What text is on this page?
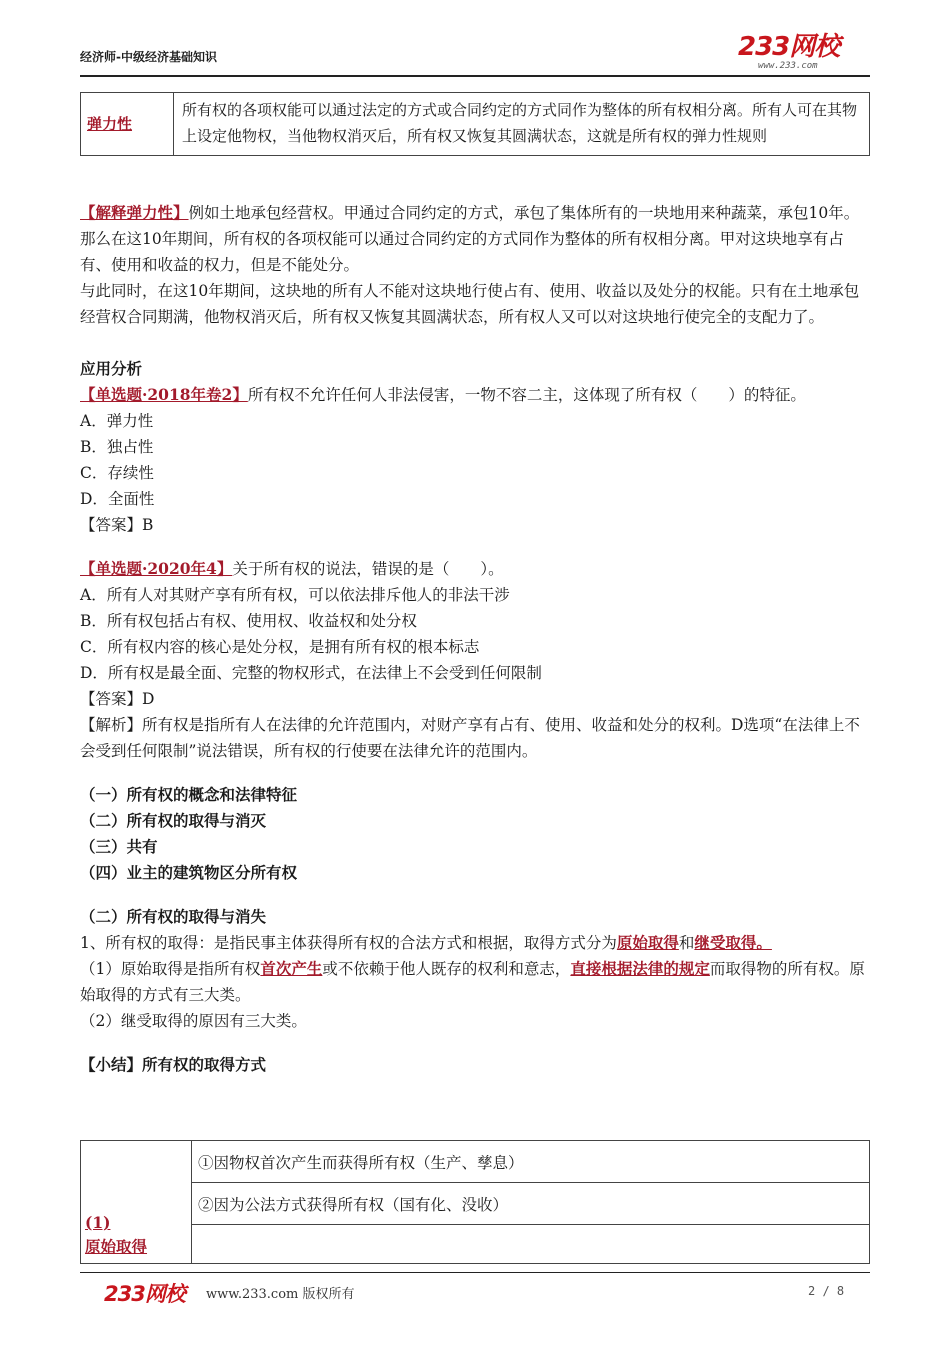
经济师-中级经济基础知识	233网校
www.233.com
弹力性	所有权的各项权能可以通过法定的方式或合同约定的方式同作为整体的所有权相分离。所有人可在其物上设定他物权，当他物权消灭后，所有权又恢复其圆满状态，这就是所有权的弹力性规则

【解释弹力性】例如土地承包经营权。甲通过合同约定的方式，承包了集体所有的一块地用来种蔬菜，承包10年。那么在这10年期间，所有权的各项权能可以通过合同约定的方式同作为整体的所有权相分离。甲对这块地享有占有、使用和收益的权力，但是不能处分。

与此同时，在这10年期间，这块地的所有人不能对这块地行使占有、使用、收益以及处分的权能。只有在土地承包经营权合同期满，他物权消灭后，所有权又恢复其圆满状态，所有权人又可以对这块地行使完全的支配力了。

应用分析

【单选题·2018年卷2】所有权不允许任何人非法侵害，一物不容二主，这体现了所有权（　　）的特征。

A．弹力性

B．独占性

C．存续性

D．全面性

【答案】B

【单选题·2020年4】关于所有权的说法，错误的是（　　）。

A．所有人对其财产享有所有权，可以依法排斥他人的非法干涉

B．所有权包括占有权、使用权、收益权和处分权

C．所有权内容的核心是处分权，是拥有所有权的根本标志

D．所有权是最全面、完整的物权形式，在法律上不会受到任何限制

【答案】D

【解析】所有权是指所有人在法律的允许范围内，对财产享有占有、使用、收益和处分的权利。D选项“在法律上不会受到任何限制”说法错误，所有权的行使要在法律允许的范围内。

（一）所有权的概念和法律特征

（二）所有权的取得与消灭

（三）共有

（四）业主的建筑物区分所有权

（二）所有权的取得与消失

1、所有权的取得：是指民事主体获得所有权的合法方式和根据，取得方式分为原始取得和继受取得。

（1）原始取得是指所有权首次产生或不依赖于他人既存的权利和意志，直接根据法律的规定而取得物的所有权。原始取得的方式有三大类。

（2）继受取得的原因有三大类。

【小结】所有权的取得方式

(1)
原始取得
	①因物权首次产生而获得所有权（生产、孳息）
②因为公法方式获得所有权（国有化、没收）

233网校 www.233.com 版权所有	2 / 8
